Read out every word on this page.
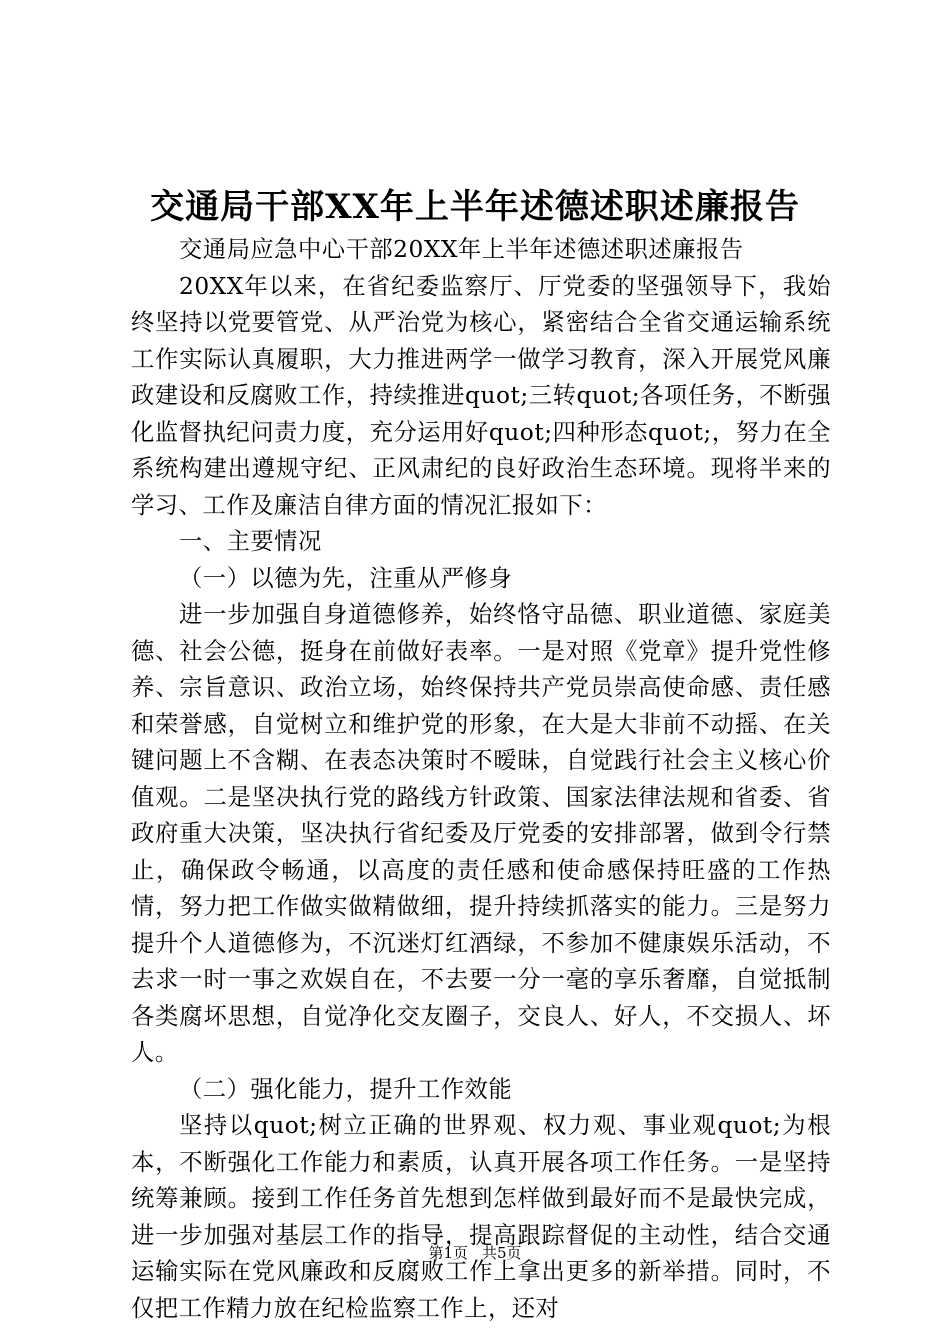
交通局干部XX年上半年述德述职述廉报告

交通局应急中心干部20XX年上半年述德述职述廉报告

20XX年以来，在省纪委监察厅、厅党委的坚强领导下，我始终坚持以党要管党、从严治党为核心，紧密结合全省交通运输系统工作实际认真履职，大力推进两学一做学习教育，深入开展党风廉政建设和反腐败工作，持续推进quot;三转quot;各项任务，不断强化监督执纪问责力度，充分运用好quot;四种形态quot;，努力在全系统构建出遵规守纪、正风肃纪的良好政治生态环境。现将半来的学习、工作及廉洁自律方面的情况汇报如下：

一、主要情况

（一）以德为先，注重从严修身

进一步加强自身道德修养，始终恪守品德、职业道德、家庭美德、社会公德，挺身在前做好表率。一是对照《党章》提升党性修养、宗旨意识、政治立场，始终保持共产党员崇高使命感、责任感和荣誉感，自觉树立和维护党的形象，在大是大非前不动摇、在关键问题上不含糊、在表态决策时不暧昧，自觉践行社会主义核心价值观。二是坚决执行党的路线方针政策、国家法律法规和省委、省政府重大决策，坚决执行省纪委及厅党委的安排部署，做到令行禁止，确保政令畅通，以高度的责任感和使命感保持旺盛的工作热情，努力把工作做实做精做细，提升持续抓落实的能力。三是努力提升个人道德修为，不沉迷灯红酒绿，不参加不健康娱乐活动，不去求一时一事之欢娱自在，不去要一分一毫的享乐奢靡，自觉抵制各类腐坏思想，自觉净化交友圈子，交良人、好人，不交损人、坏人。

（二）强化能力，提升工作效能

坚持以quot;树立正确的世界观、权力观、事业观quot;为根本，不断强化工作能力和素质，认真开展各项工作任务。一是坚持统筹兼顾。接到工作任务首先想到怎样做到最好而不是最快完成，进一步加强对基层工作的指导，提高跟踪督促的主动性，结合交通运输实际在党风廉政和反腐败工作上拿出更多的新举措。同时，不仅把工作精力放在纪检监察工作上，还对

第1页 共5页
